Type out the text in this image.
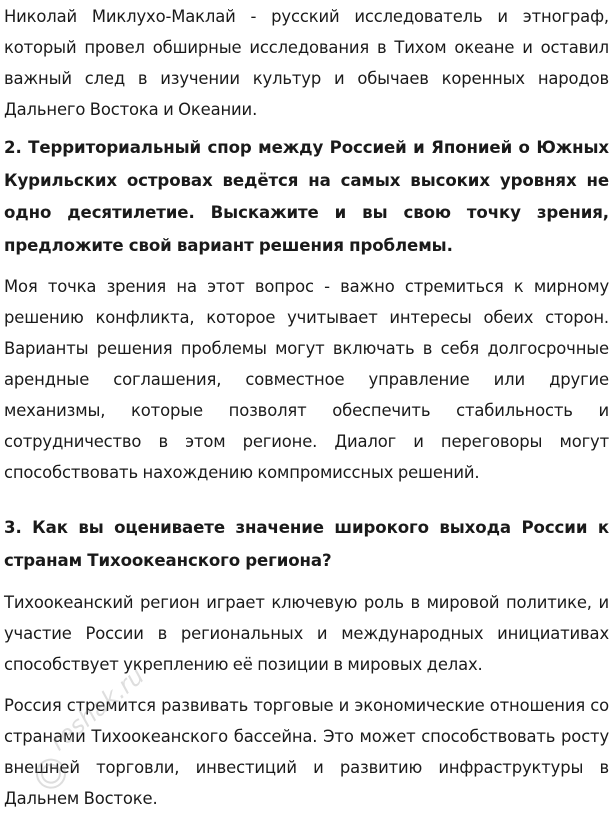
Николай Миклухо-Маклай - русский исследователь и этнограф, который провел обширные исследования в Тихом океане и оставил важный след в изучении культур и обычаев коренных народов Дальнего Востока и Океании.

2. Территориальный спор между Россией и Японией о Южных Курильских островах ведётся на самых высоких уровнях не одно десятилетие. Выскажите и вы свою точку зрения, предложите свой вариант решения проблемы.

Моя точка зрения на этот вопрос - важно стремиться к мирному решению конфликта, которое учитывает интересы обеих сторон. Варианты решения проблемы могут включать в себя долгосрочные арендные соглашения, совместное управление или другие механизмы, которые позволят обеспечить стабильность и сотрудничество в этом регионе. Диалог и переговоры могут способствовать нахождению компромиссных решений.

3. Как вы оцениваете значение широкого выхода России к странам Тихоокеанского региона?

Тихоокеанский регион играет ключевую роль в мировой политике, и участие России в региональных и международных инициативах способствует укреплению её позиции в мировых делах.

Россия стремится развивать торговые и экономические отношения со странами Тихоокеанского бассейна. Это может способствовать росту внешней торговли, инвестиций и развитию инфраструктуры в Дальнем Востоке.

reshak.ru
